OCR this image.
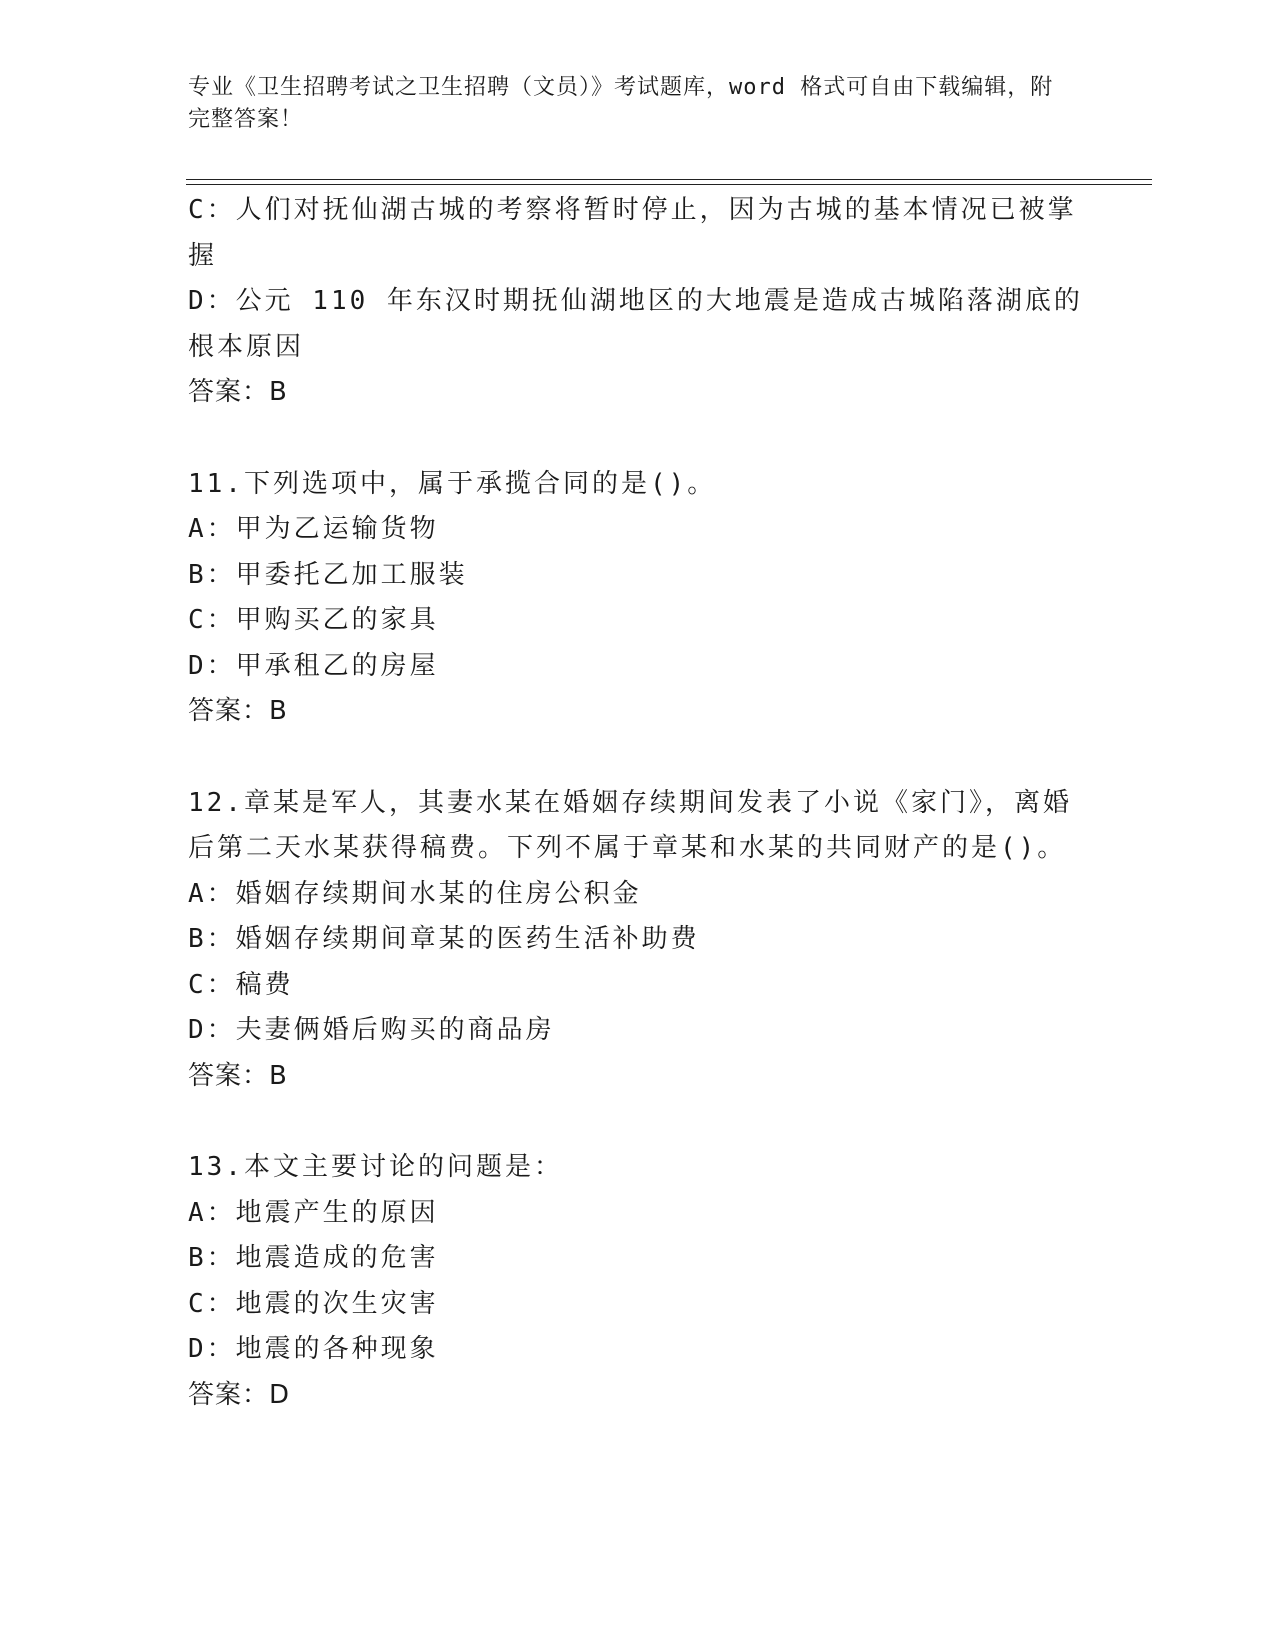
专业《卫生招聘考试之卫生招聘（文员）》考试题库，word 格式可自由下载编辑，附完整答案！
C：人们对抚仙湖古城的考察将暂时停止，因为古城的基本情况已被掌握
D：公元 110 年东汉时期抚仙湖地区的大地震是造成古城陷落湖底的根本原因
答案：B
11.下列选项中，属于承揽合同的是()。
A：甲为乙运输货物
B：甲委托乙加工服装
C：甲购买乙的家具
D：甲承租乙的房屋
答案：B
12.章某是军人，其妻水某在婚姻存续期间发表了小说《家门》，离婚后第二天水某获得稿费。下列不属于章某和水某的共同财产的是()。
A：婚姻存续期间水某的住房公积金
B：婚姻存续期间章某的医药生活补助费
C：稿费
D：夫妻俩婚后购买的商品房
答案：B
13.本文主要讨论的问题是：
A：地震产生的原因
B：地震造成的危害
C：地震的次生灾害
D：地震的各种现象
答案：D
